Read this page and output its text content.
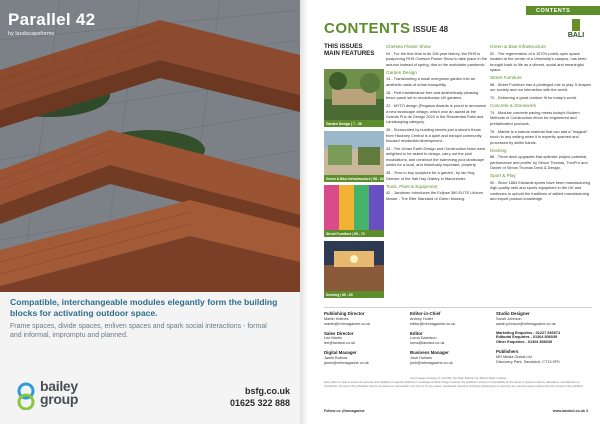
Parallel 42
by landscapeforms
Compatible, interchangeable modules elegantly form the building blocks for activating outdoor space.
Frame spaces, divide spaces, enliven spaces and spark social interactions - formal and informal, impromptu and planned.
bailey
group
bsfg.co.uk
01625 322 888
CONTENTS
CONTENTS ISSUE 48
BALI
THIS ISSUES
MAIN FEATURES
Garden Design | 7 - 36
Green & Blue Infrastructure | 58 - 62
Street Furniture | 65 - 72
Decking | 85 - 89
Chelsea Flower Show

04 - For the first time in its 108 year history, the RHS is postponing RHS Chelsea Flower Show to take place in the autumn instead of spring, due to the worldwide pandemic.

Garden Design

14 - Transforming a small overgrown garden into an aesthetic oasis of urban tranquillity.

18 - First maintenance free and aesthetically pleasing fence panel set to revolutionise UK gardens.

22 - MYTO design (Pegasus Awards is proud to announce a new landscape design, which won an award at the Grands Prix de Design 2020 in the Residential Patio and Landscaping category.

28 - Surrounded by bustling streets just a stone's throw from Hackney Central is a quiet and tranquil community focused residential development...

34 - The Urban Earth Design and Construction team were delighted to be asked to design, carry out the pool excavations, and construct the swimming pool landscape works for a local, and historically important, property.

38 - 'How to buy sculpture for a garden', by Ian Hay, Director of the Salt Hay Gallery in Manchester.

Tools, Plant & Equipment

42 - Jacobsen Introduces the Eclipse 360 ELITE Lithium Mower - The Elite Standard of Green Mowing.

Green & Blue Infrastructure

52 - The regeneration of a 1970's public open space located at the centre of a University's campus, has been brought back to life as a vibrant, social and meaningful space.

Street Furniture

58 - Street Furniture has a privileged role to play. It shapes our society and our interaction with the world.

70 - Delivering a great outdoor fit for today's world.

Concrete & Stonework

74 - Modular concrete paving meets today's Modern Methods of Construction ethos for engineered and prefabricated products.

76 - Marble is a natural material that can add a "magical" touch to any setting when it is expertly quarried and processed by skilful hands.

Decking

86 - Three deck upgrades that optimise project potential, performance and profits' by Simon Thomas, TrexPro and Owner of Simon Thomas Deck & Design.

Sport & Play

90 - Since 1884 Edwards sports have been manufacturing high quality nets and sports equipment in the UK and continues to uphold the traditions of skilled manufacturing and export product knowledge.

Publishing Director
Martin Holmes
martin@mhmagazine.co.uk
Sales Director
Lee Martin
lee@landsol.co.uk
Digital Manager
Jamie Bullock
jamie@mhmagazine.co.uk
Editor-in-Chief
Antony Holter
editor@mhmagazine.co.uk
Editor
Lorna Davidson
lorna@landsol.co.uk
Business Manager
Josh Holmes
josh@mhmagazine.co.uk
Studio Designer
Sarah Johnson
sarah.johnson@mhmagazine.co.uk
Marketing Enquiries - 01227 936974
Editorial Enquiries - 01304 806039
Other Enquiries - 01304 806039
Publishers
MH Media Global Ltd.
Discovery Park, Sandwich, CT13 9FD
Cover Images Courtesy of: Loft 695 | Top Right: Bristow Ltd | Bottom Right: Incelsior
Every effort is made to ensure the accuracy and reliability of material published in Landscape & Urban Design however, the publishers accept no responsibility for the claims or opinions made by advertisers, manufacturers or contributors. No part of this publication may be reproduced or transmitted in any form or by any means, mechanical, electronic (including photocopying or stored by any retrieval system) without the prior consent of the publisher.
Follow us @lumagazine	www.landsol.co.uk 3
